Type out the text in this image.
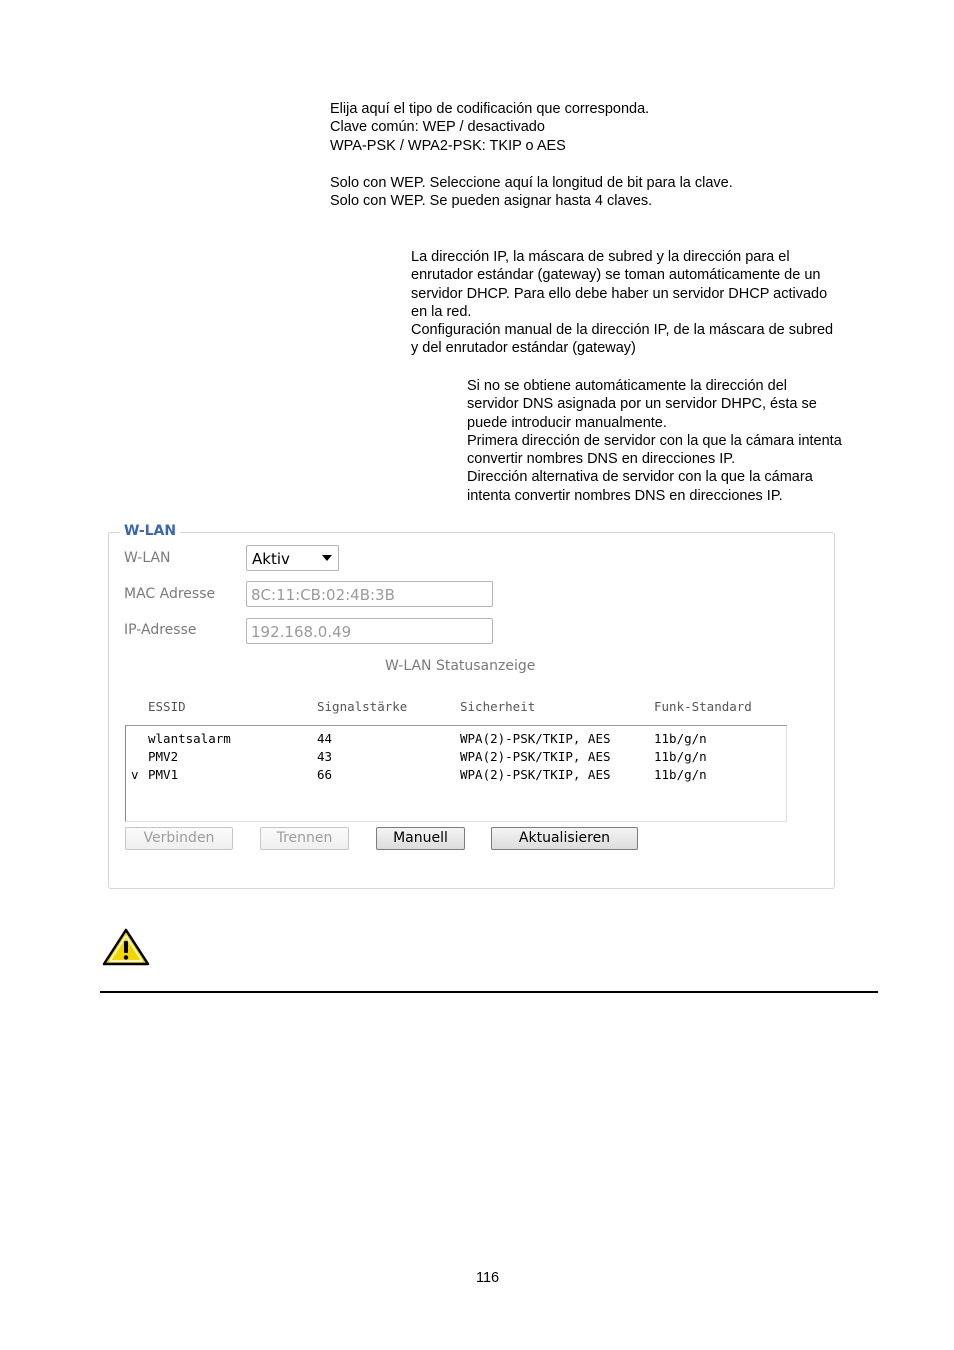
Elija aquí el tipo de codificación que corresponda.
Clave común: WEP / desactivado
WPA-PSK / WPA2-PSK: TKIP o AES
Solo con WEP. Seleccione aquí la longitud de bit para la clave.
Solo con WEP. Se pueden asignar hasta 4 claves.
La dirección IP, la máscara de subred y la dirección para el
enrutador estándar (gateway) se toman automáticamente de un
servidor DHCP. Para ello debe haber un servidor DHCP activado
en la red.
Configuración manual de la dirección IP, de la máscara de subred
y del enrutador estándar (gateway)
Si no se obtiene automáticamente la dirección del
servidor DNS asignada por un servidor DHPC, ésta se
puede introducir manualmente.
Primera dirección de servidor con la que la cámara intenta
convertir nombres DNS en direcciones IP.
Dirección alternativa de servidor con la que la cámara
intenta convertir nombres DNS en direcciones IP.
W-LAN
W-LAN	Aktiv
MAC Adresse 8C:11:CB:02:4B:3B
IP-Adresse	192.168.0.49
W-LAN Statusanzeige
ESSID	Signalstärke	Sicherheit	Funk-Standard
wlantsalarm	44	WPA(2)-PSK/TKIP, AES	11b/g/n
PMV2	43	WPA(2)-PSK/TKIP, AES	11b/g/n
v PMV1	66	WPA(2)-PSK/TKIP, AES	11b/g/n
Verbinden	Trennen	Manuell	Aktualisieren
116
